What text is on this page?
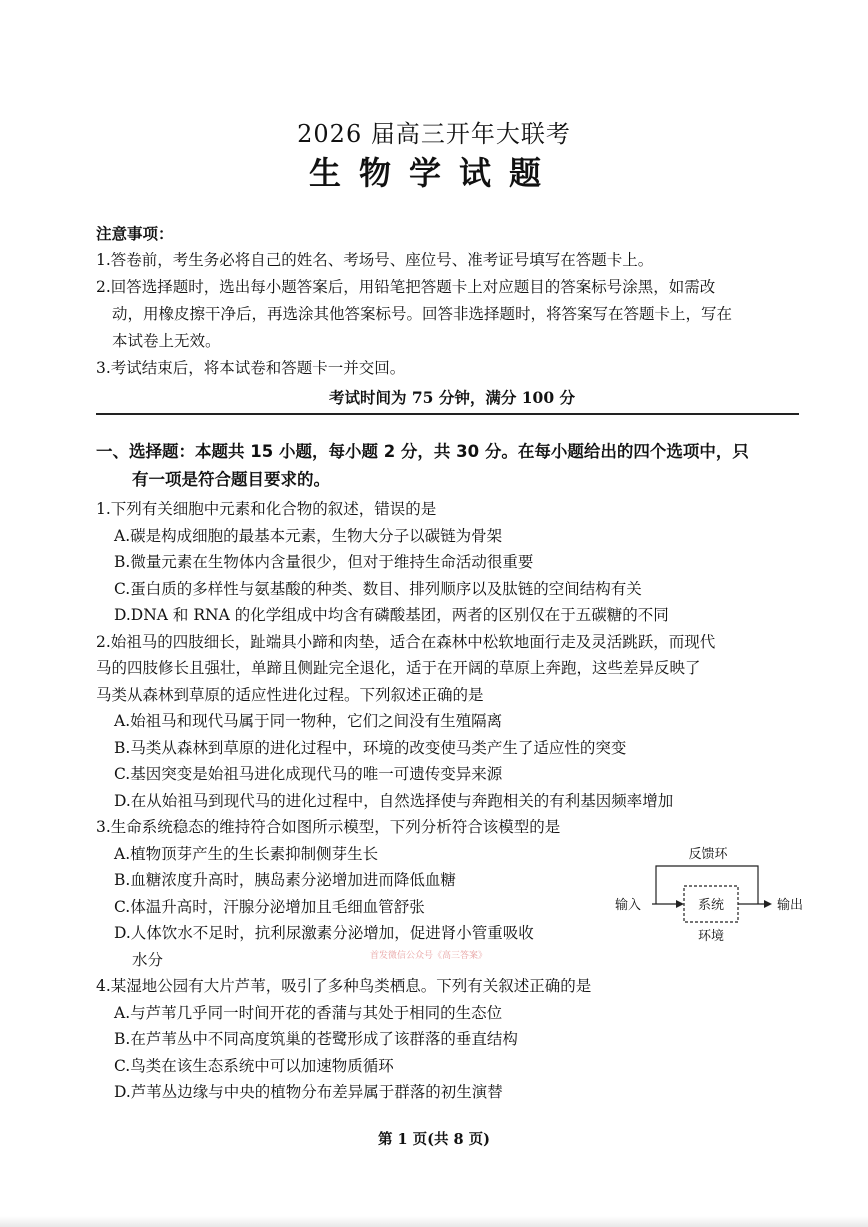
2026 届高三开年大联考
生物学试题
注意事项：
1.答卷前，考生务必将自己的姓名、考场号、座位号、准考证号填写在答题卡上。
2.回答选择题时，选出每小题答案后，用铅笔把答题卡上对应题目的答案标号涂黑，如需改
动，用橡皮擦干净后，再选涂其他答案标号。回答非选择题时，将答案写在答题卡上，写在
本试卷上无效。
3.考试结束后，将本试卷和答题卡一并交回。
考试时间为 75 分钟，满分 100 分
一、选择题：本题共 15 小题，每小题 2 分，共 30 分。在每小题给出的四个选项中，只
有一项是符合题目要求的。
1.下列有关细胞中元素和化合物的叙述，错误的是
A.碳是构成细胞的最基本元素，生物大分子以碳链为骨架
B.微量元素在生物体内含量很少，但对于维持生命活动很重要
C.蛋白质的多样性与氨基酸的种类、数目、排列顺序以及肽链的空间结构有关
D.DNA 和 RNA 的化学组成中均含有磷酸基团，两者的区别仅在于五碳糖的不同
2.始祖马的四肢细长，趾端具小蹄和肉垫，适合在森林中松软地面行走及灵活跳跃，而现代
马的四肢修长且强壮，单蹄且侧趾完全退化，适于在开阔的草原上奔跑，这些差异反映了
马类从森林到草原的适应性进化过程。下列叙述正确的是
A.始祖马和现代马属于同一物种，它们之间没有生殖隔离
B.马类从森林到草原的进化过程中，环境的改变使马类产生了适应性的突变
C.基因突变是始祖马进化成现代马的唯一可遗传变异来源
D.在从始祖马到现代马的进化过程中，自然选择使与奔跑相关的有利基因频率增加
3.生命系统稳态的维持符合如图所示模型，下列分析符合该模型的是
A.植物顶芽产生的生长素抑制侧芽生长
B.血糖浓度升高时，胰岛素分泌增加进而降低血糖
C.体温升高时，汗腺分泌增加且毛细血管舒张
D.人体饮水不足时，抗利尿激素分泌增加，促进肾小管重吸收
水分
反馈环
输入	系统	输出
环境
4.某湿地公园有大片芦苇，吸引了多种鸟类栖息。下列有关叙述正确的是
A.与芦苇几乎同一时间开花的香蒲与其处于相同的生态位
B.在芦苇丛中不同高度筑巢的苍鹭形成了该群落的垂直结构
C.鸟类在该生态系统中可以加速物质循环
D.芦苇丛边缘与中央的植物分布差异属于群落的初生演替
首发微信公众号《高三答案》
第 1 页(共 8 页)
